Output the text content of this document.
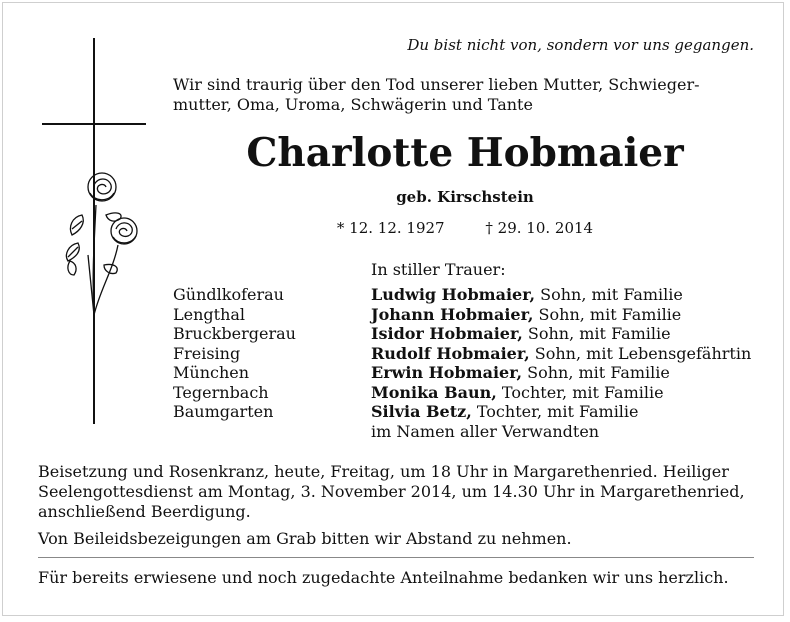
Du bist nicht von, sondern vor uns gegangen.
Wir sind traurig über den Tod unserer lieben Mutter, Schwieger-
mutter, Oma, Uroma, Schwägerin und Tante
Charlotte Hobmaier
geb. Kirschstein
* 12. 12. 1927	† 29. 10. 2014
In stiller Trauer:
Gündlkoferau
Lengthal
Bruckbergerau
Freising
München
Tegernbach
Baumgarten
Ludwig Hobmaier, Sohn, mit Familie
Johann Hobmaier, Sohn, mit Familie
Isidor Hobmaier, Sohn, mit Familie
Rudolf Hobmaier, Sohn, mit Lebensgefährtin
Erwin Hobmaier, Sohn, mit Familie
Monika Baun, Tochter, mit Familie
Silvia Betz, Tochter, mit Familie
im Namen aller Verwandten
Beisetzung und Rosenkranz, heute, Freitag, um 18 Uhr in Margarethenried. Heiliger
Seelengottesdienst am Montag, 3. November 2014, um 14.30 Uhr in Margarethenried,
anschließend Beerdigung.
Von Beileidsbezeigungen am Grab bitten wir Abstand zu nehmen.
Für bereits erwiesene und noch zugedachte Anteilnahme bedanken wir uns herzlich.
